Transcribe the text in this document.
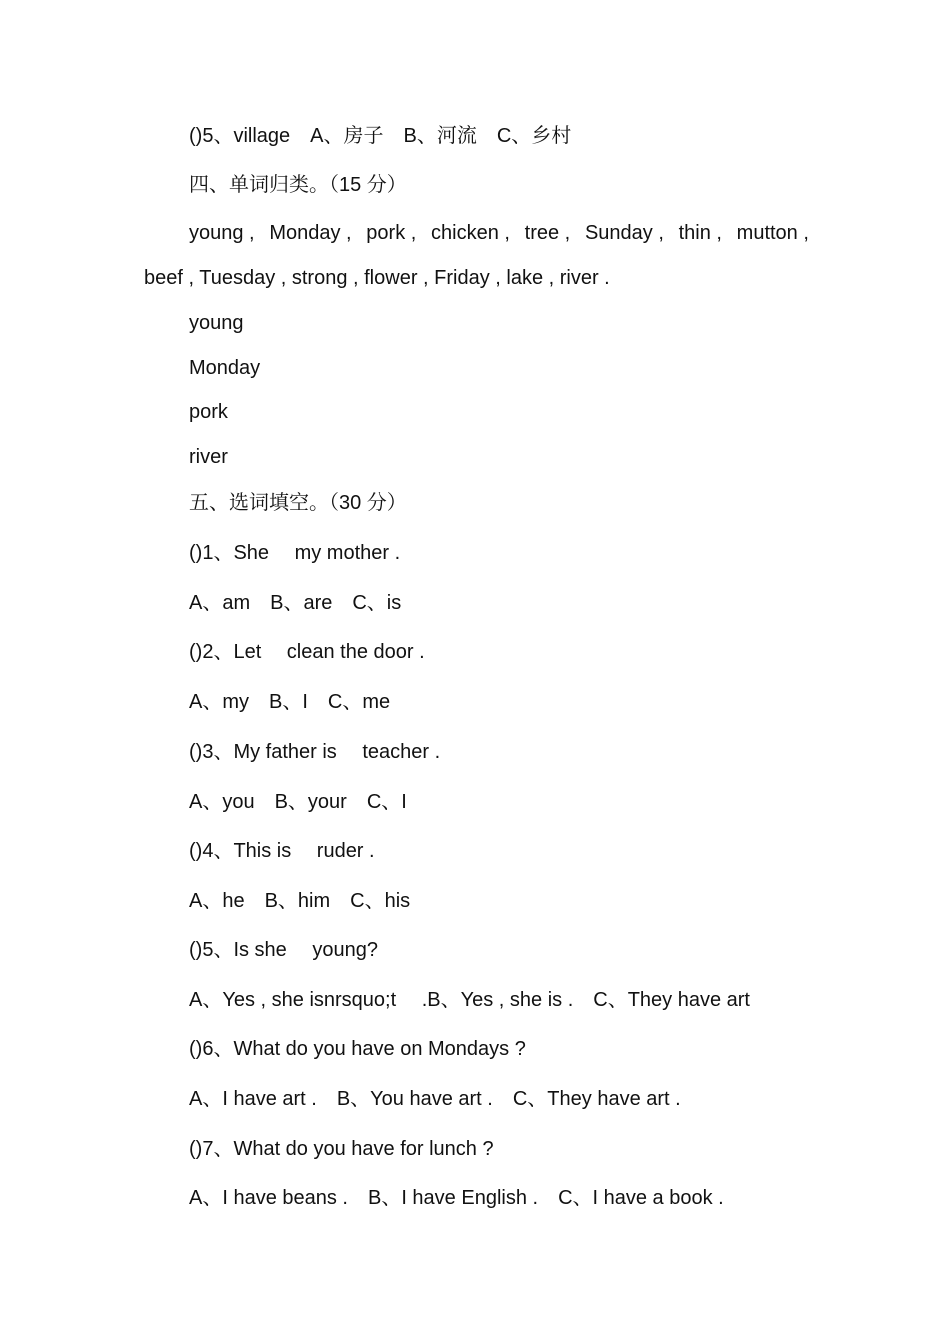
()5、village　A、房子　B、河流　C、乡村
四、单词归类。（15 分）
young , Monday , pork , chicken , tree , Sunday , thin , mutton ,
beef , Tuesday , strong , flower , Friday , lake , river .
young
Monday
pork
river
五、选词填空。（30 分）
()1、She　 my mother .
A、am　B、are　C、is
()2、Let　 clean the door .
A、my　B、I　C、me
()3、My father is　 teacher .
A、you　B、your　C、I
()4、This is　 ruder .
A、he　B、him　C、his
()5、Is she　 young?
A、Yes , she isnrsquo;t　 .B、Yes , she is .　C、They have art
()6、What do you have on Mondays ?
A、I have art .　B、You have art .　C、They have art .
()7、What do you have for lunch ?
A、I have beans .　B、I have English .　C、I have a book .
